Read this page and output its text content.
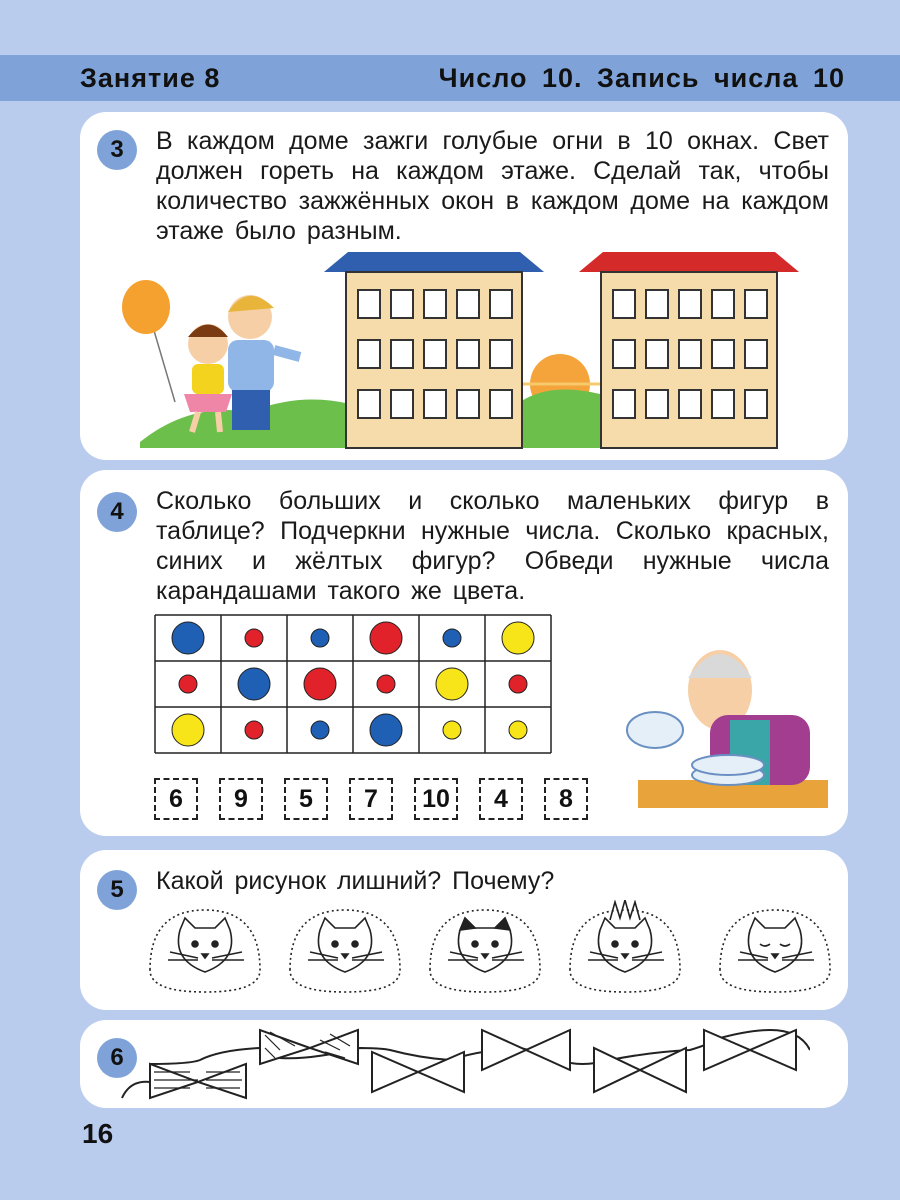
Занятие 8	Число 10. Запись числа 10
3	В каждом доме зажги голубые огни в 10 окнах. Свет должен гореть на каждом этаже. Сделай так, чтобы количество зажжённых окон в каждом доме на каждом этаже было разным.
4	Сколько больших и сколько маленьких фигур в таблице? Подчеркни нужные числа. Сколько красных, синих и жёлтых фигур? Обведи нужные числа карандашами такого же цвета.
6	9	5	7	10	4	8
5	Какой рисунок лишний? Почему?
6
16
